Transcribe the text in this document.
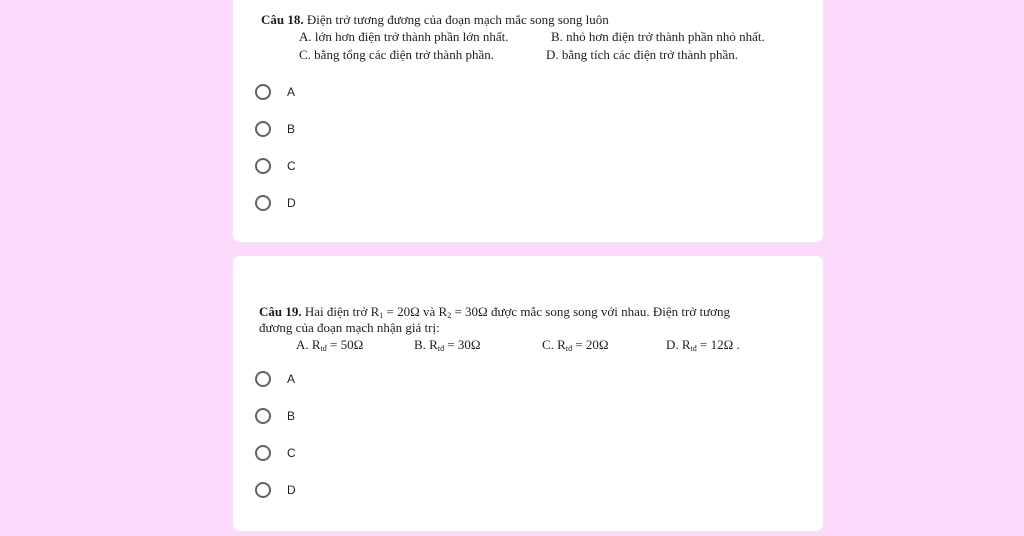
Câu 18. Điện trở tương đương của đoạn mạch mắc song song luôn
A. lớn hơn điện trở thành phần lớn nhất.	B. nhỏ hơn điện trở thành phần nhỏ nhất.
C. bằng tổng các điện trở thành phần.	D. bằng tích các điện trở thành phần.
A
B
C
D
Câu 19. Hai điện trở $R_1 = 20\Omega$ và $R_2 = 30\Omega$ được mắc song song với nhau. Điện trở tương
đương của đoạn mạch nhận giá trị:
A. $R_{tđ} = 50\Omega$	B. $R_{tđ} = 30\Omega$	C. $R_{tđ} = 20\Omega$	D. $R_{tđ} = 12\Omega$ .
A
B
C
D
